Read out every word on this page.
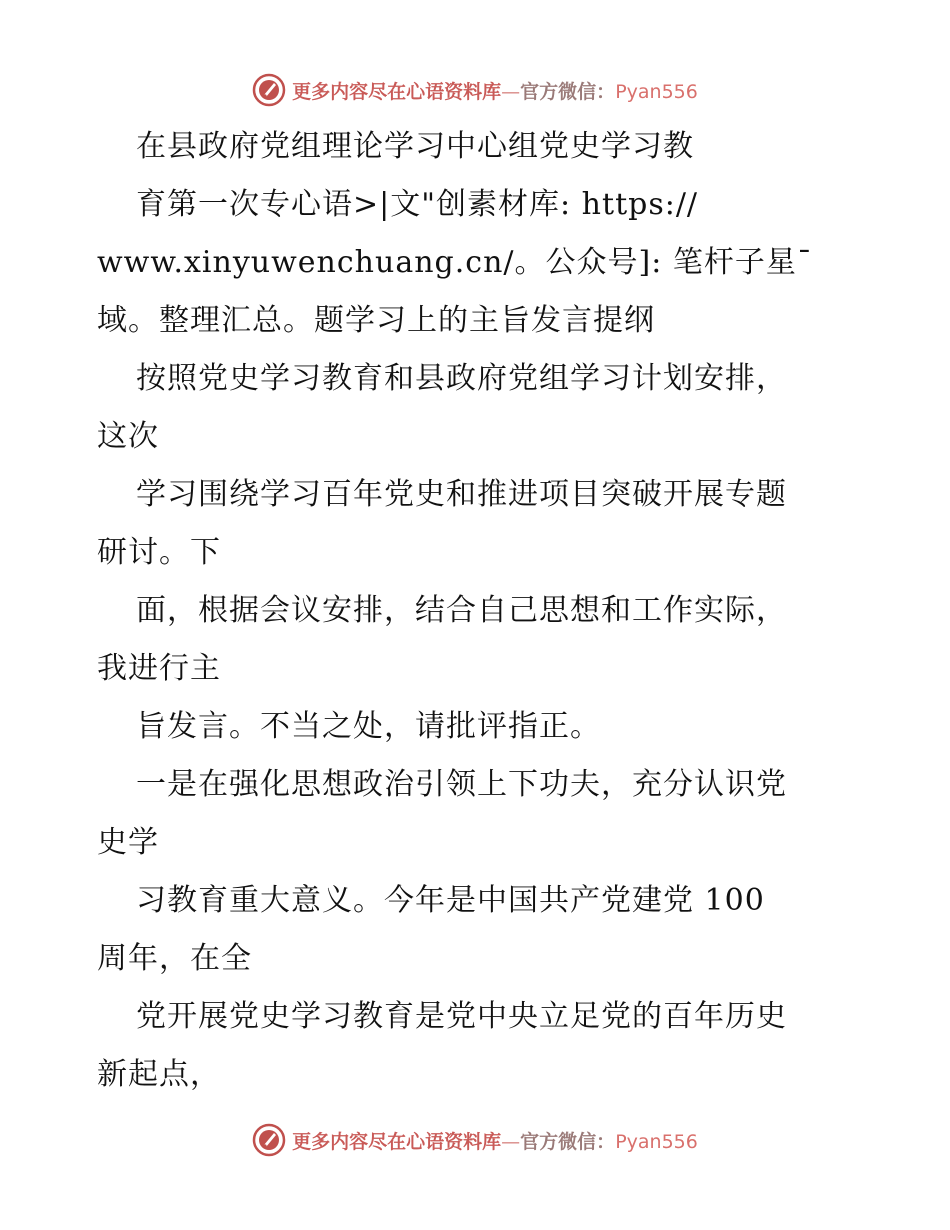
更多内容尽在心语资料库—官方微信：Pyan556
在县政府党组理论学习中心组党史学习教
育第一次专心语>|文"创素材库: https://
www.xinyuwenchuang.cn/。公众号]: 笔杆子星¯
域。整理汇总。题学习上的主旨发言提纲
按照党史学习教育和县政府党组学习计划安排，
这次
学习围绕学习百年党史和推进项目突破开展专题
研讨。下
面，根据会议安排，结合自己思想和工作实际，
我进行主
旨发言。不当之处，请批评指正。
一是在强化思想政治引领上下功夫，充分认识党
史学
习教育重大意义。今年是中国共产党建党 100
周年，在全
党开展党史学习教育是党中央立足党的百年历史
新起点，
更多内容尽在心语资料库—官方微信：Pyan556
